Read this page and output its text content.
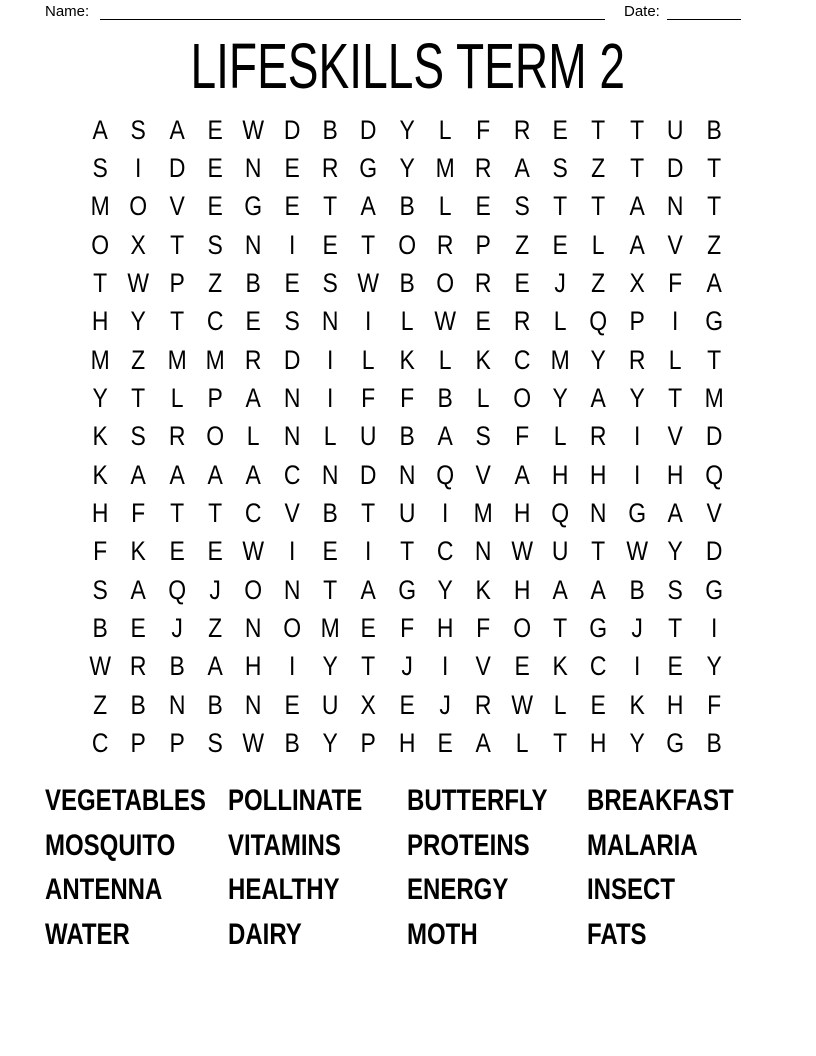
Name:	Date:
LIFESKILLS TERM 2
A S A E W D B D Y L F R E T T U B
S	I D E N E R G Y M R A S Z T D T
M O V E G E T A B L E S T T A N T
O X T S N I	E T O R P Z E L A V Z
T W P Z B E S W B O R E J Z X F A
H Y T C E S N I	L W E R L Q P	I G
M Z M M R D I	L K L K C M Y R L T
Y T L P A N I	F F B L O Y A Y T M
K S R O L N L U B A S F L R I	V D
K A A A A C N D N Q V A H H I H Q
H F T T C V B T U I M H Q N G A V
F K E E W I	E	I	T C N W U T W Y D
S A Q J O N T A G Y K H A A B S G
B E J Z N O M E F H F O T G J T	I
W R B A H I	Y T J	I	V E K C I	E Y
Z B N B N E U X E J R W L E K H F
C P P S W B Y P H E A L T H Y G B
VEGETABLES POLLINATE BUTTERFLY BREAKFAST
MOSQUITO VITAMINS PROTEINS MALARIA
ANTENNA HEALTHY ENERGY	INSECT
WATER	DAIRY	MOTH	FATS
